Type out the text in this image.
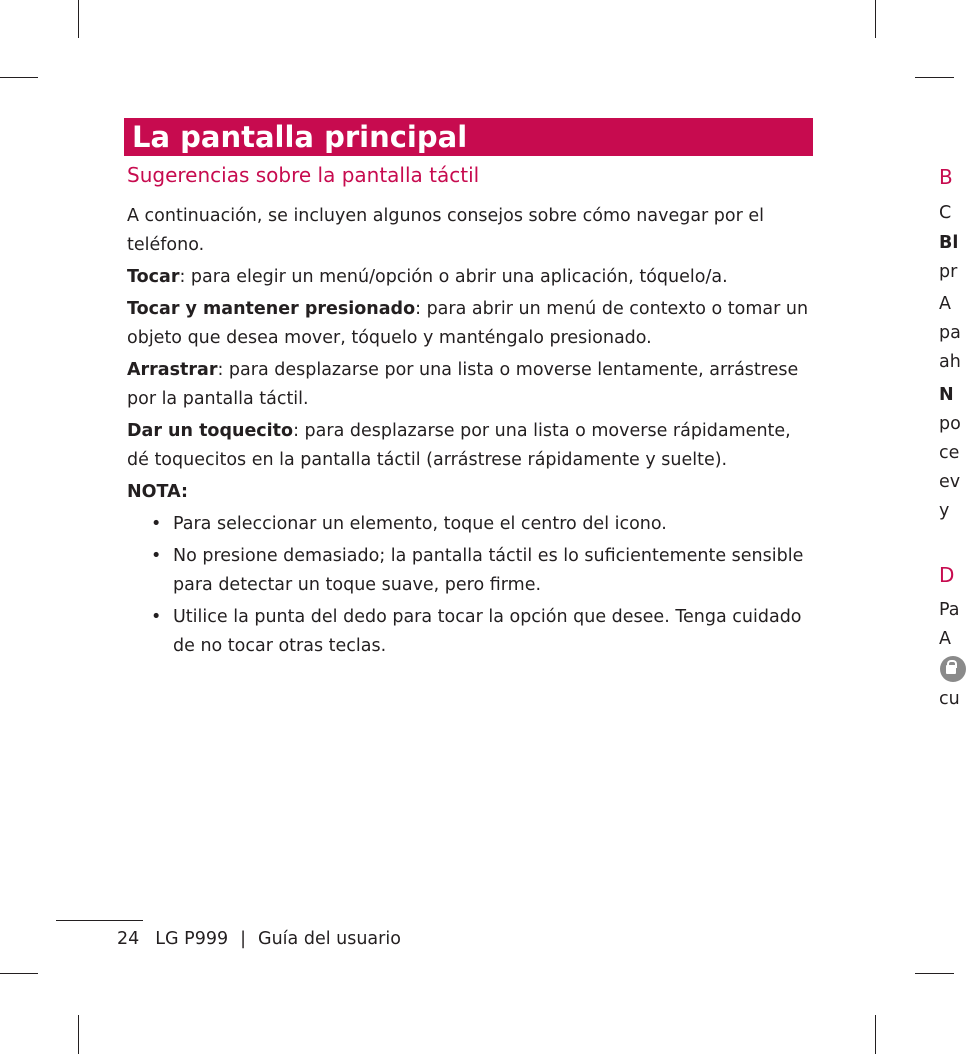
La pantalla principal
Sugerencias sobre la pantalla táctil

A continuación, se incluyen algunos consejos sobre cómo navegar por el teléfono.

Tocar: para elegir un menú/opción o abrir una aplicación, tóquelo/a.

Tocar y mantener presionado: para abrir un menú de contexto o tomar un objeto que desea mover, tóquelo y manténgalo presionado.

Arrastrar: para desplazarse por una lista o moverse lentamente, arrástrese por la pantalla táctil.

Dar un toquecito: para desplazarse por una lista o moverse rápidamente, dé toquecitos en la pantalla táctil (arrástrese rápidamente y suelte).

NOTA:

• Para seleccionar un elemento, toque el centro del icono.
• No presione demasiado; la pantalla táctil es lo suficientemente sensible para detectar un toque suave, pero firme.
• Utilice la punta del dedo para tocar la opción que desee. Tenga cuidado de no tocar otras teclas.
24 LG P999 | Guía del usuario
B
C
Bl
pr
A
pa
ah
N
po
ce
ev
y
D
Pa
A
cu
